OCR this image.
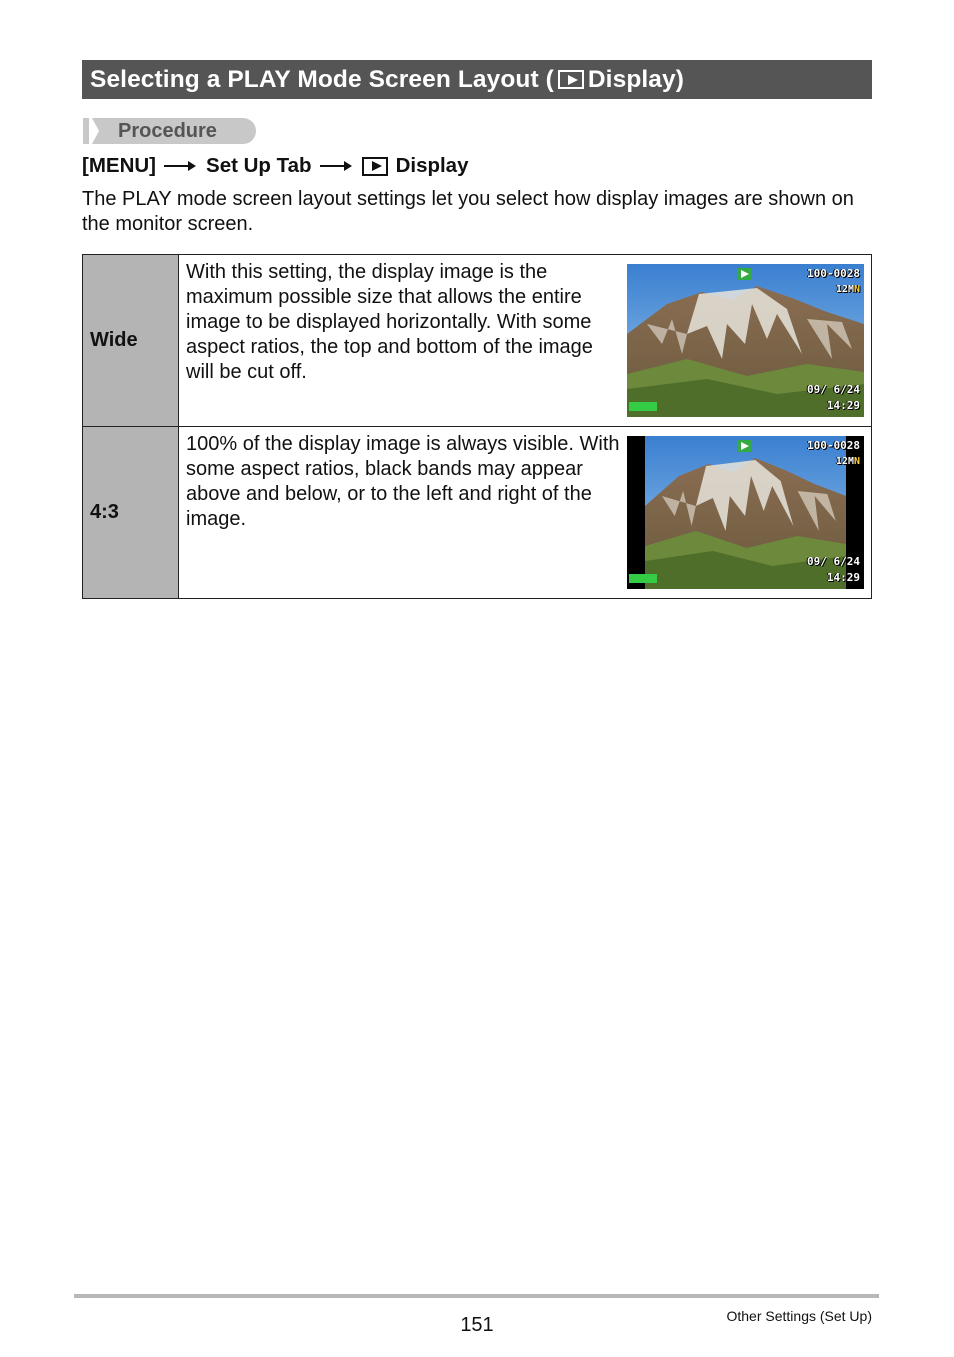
Selecting a PLAY Mode Screen Layout ( Display)
Procedure
[MENU] Set Up Tab	Display
The PLAY mode screen layout settings let you select how display images are shown on the monitor screen.
Wide	With this setting, the display image is the maximum possible size that allows the entire image to be displayed horizontally. With some aspect ratios, the top and bottom of the image will be cut off.
100-0028
12MN
09/ 6/24
14:29

4:3	100% of the display image is always visible. With some aspect ratios, black bands may appear above and below, or to the left and right of the image.
100-0028
12MN
09/ 6/24
14:29
151	Other Settings (Set Up)
